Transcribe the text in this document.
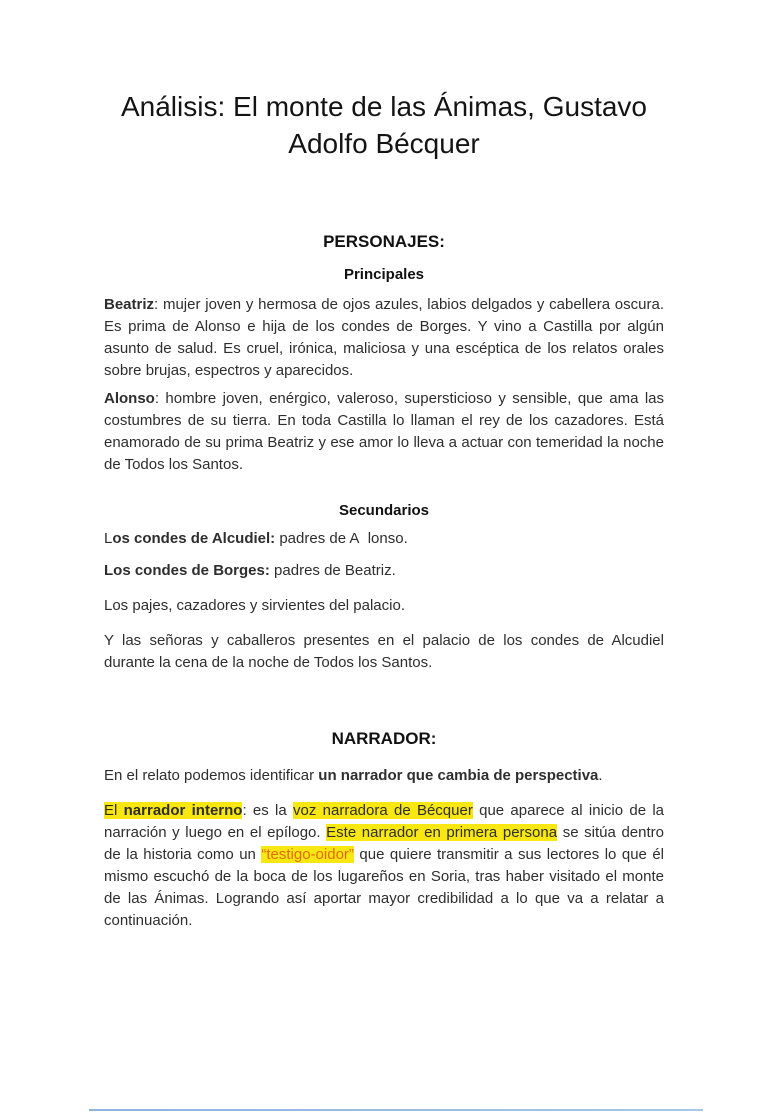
Análisis: El monte de las Ánimas, Gustavo
Adolfo Bécquer
PERSONAJES:
Principales

Beatriz: mujer joven y hermosa de ojos azules, labios delgados y cabellera oscura. Es prima de Alonso e hija de los condes de Borges. Y vino a Castilla por algún asunto de salud. Es cruel, irónica, maliciosa y una escéptica de los relatos orales sobre brujas, espectros y aparecidos.

Alonso: hombre joven, enérgico, valeroso, supersticioso y sensible, que ama las costumbres de su tierra. En toda Castilla lo llaman el rey de los cazadores. Está enamorado de su prima Beatriz y ese amor lo lleva a actuar con temeridad la noche de Todos los Santos.

Secundarios

Los condes de Alcudiel: padres de A  lonso.

Los condes de Borges: padres de Beatriz.

Los pajes, cazadores y sirvientes del palacio.

Y las señoras y caballeros presentes en el palacio de los condes de Alcudiel durante la cena de la noche de Todos los Santos.

NARRADOR:

En el relato podemos identificar un narrador que cambia de perspectiva.

El narrador interno: es la voz narradora de Bécquer que aparece al inicio de la narración y luego en el epílogo. Este narrador en primera persona se sitúa dentro de la historia como un “testigo-oidor” que quiere transmitir a sus lectores lo que él mismo escuchó de la boca de los lugareños en Soria, tras haber visitado el monte de las Ánimas. Logrando así aportar mayor credibilidad a lo que va a relatar a continuación.
